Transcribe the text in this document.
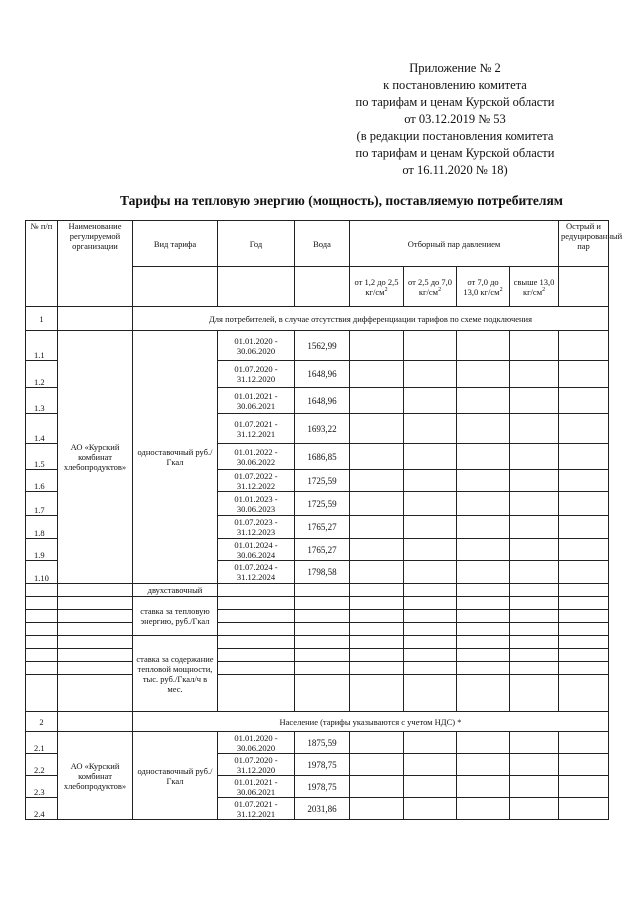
Приложение № 2
к постановлению комитета
по тарифам и ценам Курской области
от 03.12.2019 № 53
(в редакции постановления комитета
по тарифам и ценам Курской области
от 16.11.2020 № 18)
Тарифы на тепловую энергию (мощность), поставляемую потребителям
№ п/п	Наименование регулируемой организации	Вид тарифа	Год	Вода	Отборный пар давлением				Острый и редуцированный пар
					от 1,2 до 2,5 $кг/см^2$	от 2,5 до 7,0 $кг/см^2$	от 7,0 до 13,0 $кг/см^2$	свыше 13,0 $кг/см^2$	
1		Для потребителей, в случае отсутствия дифференциации тарифов по схеме подключения							
1.1	АО «Курский комбинат хлебопродуктов»	одноставочный руб./Гкал	01.01.2020 - 30.06.2020	1562,99					
1.2			01.07.2020 - 31.12.2020	1648,96					
1.3			01.01.2021 - 30.06.2021	1648,96					
1.4			01.07.2021 - 31.12.2021	1693,22					
1.5			01.01.2022 - 30.06.2022	1686,85					
1.6			01.07.2022 - 31.12.2022	1725,59					
1.7			01.01.2023 - 30.06.2023	1725,59					
1.8			01.07.2023 - 31.12.2023	1765,27					
1.9			01.01.2024 - 30.06.2024	1765,27					
1.10			01.07.2024 - 31.12.2024	1798,58					
		двухставочный							
		ставка за тепловую энергию, руб./Гкал							

		ставка за содержание тепловой мощности, тыс. руб./Гкал/ч в мес.							

2		Население (тарифы указываются с учетом НДС) *							
2.1	АО «Курский комбинат хлебопродуктов»	одноставочный руб./Гкал	01.01.2020 - 30.06.2020	1875,59					
2.2			01.07.2020 - 31.12.2020	1978,75					
2.3			01.01.2021 - 30.06.2021	1978,75					
2.4			01.07.2021 - 31.12.2021	2031,86					
